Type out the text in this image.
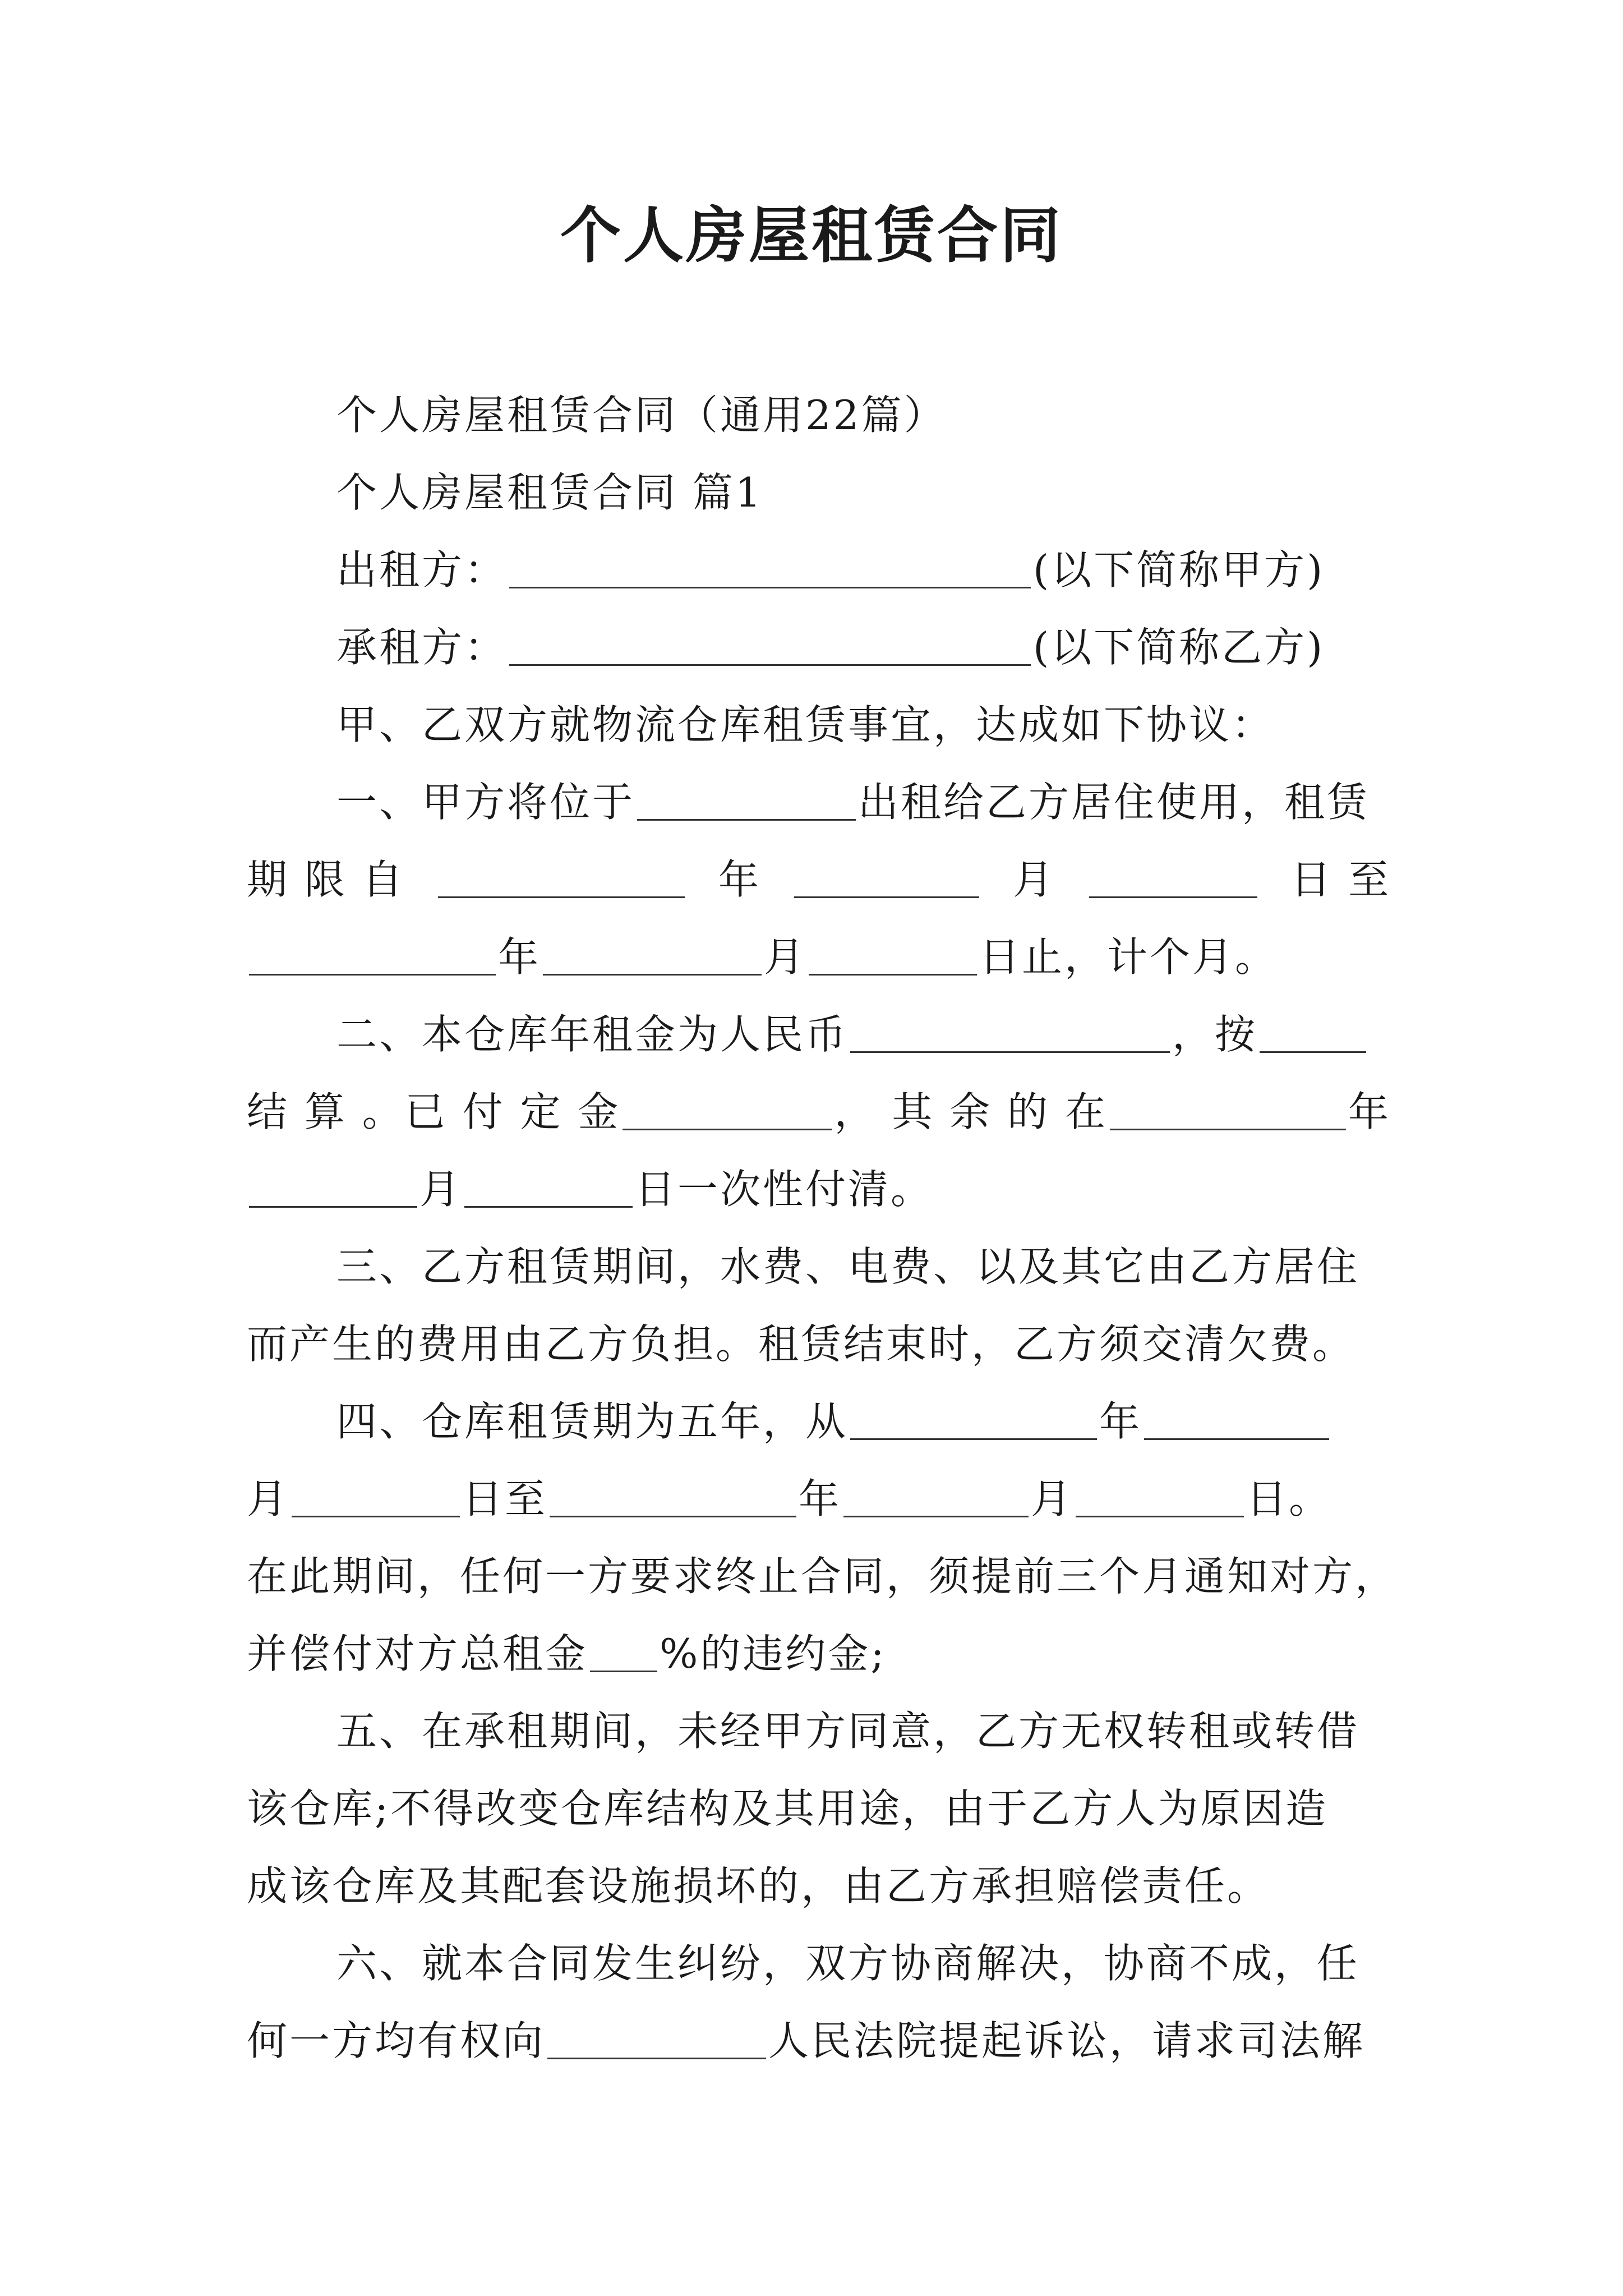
个人房屋租赁合同
个人房屋租赁合同（通用22篇）
个人房屋租赁合同 篇1
出租方：	(以下简称甲方)
承租方：	(以下简称乙方)
甲、乙双方就物流仓库租赁事宜，达成如下协议：
一、甲方将位于	出租给乙方居住使用，租赁
期 限 自	年	月	日 至
年	月	日止，计个月。
二、本仓库年租金为人民币	，按
结 算 。已 付 定 金	， 其 余 的 在	年
月	日一次性付清。
三、乙方租赁期间，水费、电费、以及其它由乙方居住
而产生的费用由乙方负担。租赁结束时，乙方须交清欠费。
四、仓库租赁期为五年，从	年
月	日至	年	月	日。
在此期间，任何一方要求终止合同，须提前三个月通知对方，
并偿付对方总租金 %的违约金;
五、在承租期间，未经甲方同意，乙方无权转租或转借
该仓库;不得改变仓库结构及其用途，由于乙方人为原因造
成该仓库及其配套设施损坏的，由乙方承担赔偿责任。
六、就本合同发生纠纷，双方协商解决，协商不成，任
何一方均有权向	人民法院提起诉讼，请求司法解
